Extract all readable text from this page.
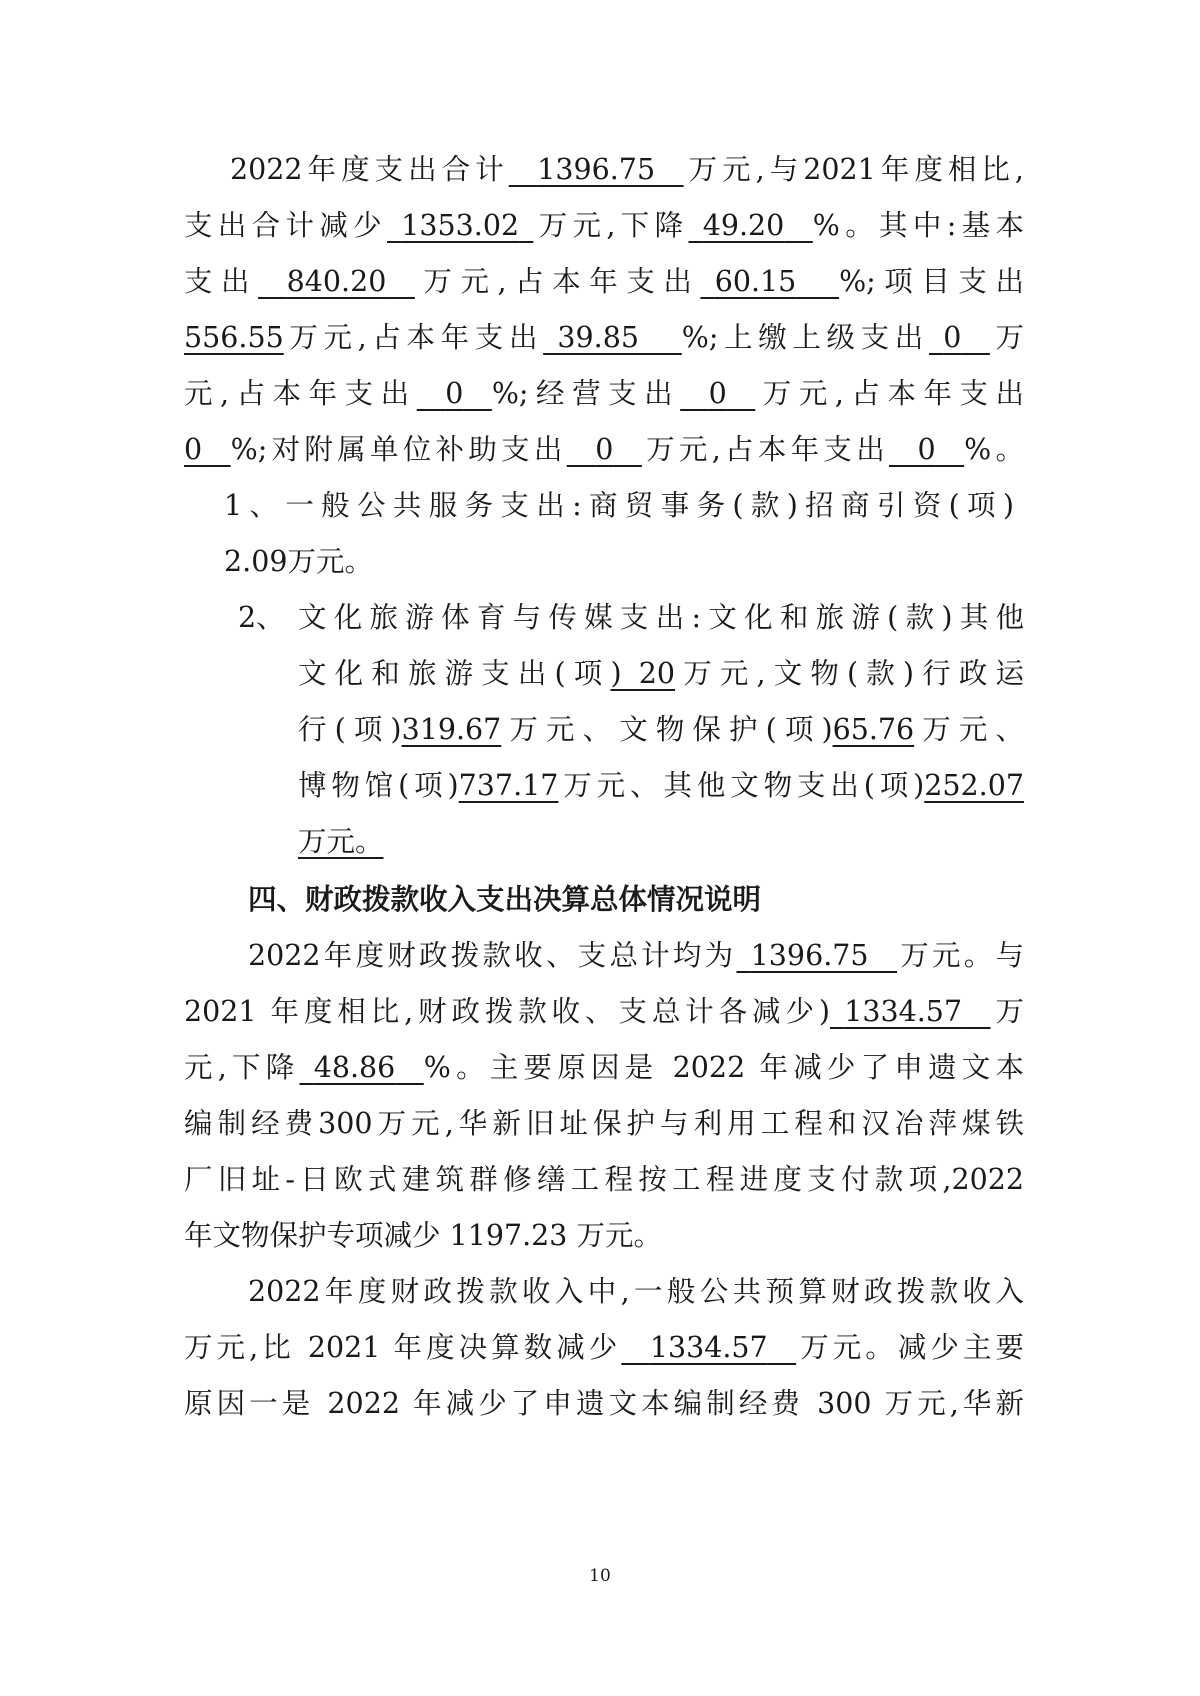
2022年度支出合计   1396.75   万元,与2021年度相比,
支出合计减少  1353.02  万元,下降  49.20   %。其中:基本
支出   840.20   万元,占本年支出  60.15    %;项目支出
556.55万元,占本年支出  39.85    %;上缴上级支出  0   万
元,占本年支出   0   %;经营支出   0   万元,占本年支出
0   %;对附属单位补助支出   0   万元,占本年支出   0   %。
1、一般公共服务支出:商贸事务(款)招商引资(项)
2.09万元。
2、 文化旅游体育与传媒支出:文化和旅游(款)其他
文化和旅游支出(项) 20万元,文物(款)行政运
行(项)319.67万元、文物保护(项)65.76万元、
博物馆(项)737.17万元、其他文物支出(项)252.07
万元。
四、财政拨款收入支出决算总体情况说明
2022年度财政拨款收、支总计均为  1396.75   万元。与
2021 年度相比,财政拨款收、支总计各减少)  1334.57   万
元,下降  48.86   %。主要原因是 2022 年减少了申遗文本
编制经费300万元,华新旧址保护与利用工程和汉冶萍煤铁
厂旧址-日欧式建筑群修缮工程按工程进度支付款项,2022
年文物保护专项减少 1197.23 万元。
2022年度财政拨款收入中,一般公共预算财政拨款收入
万元,比 2021 年度决算数减少   1334.57   万元。减少主要
原因一是 2022 年减少了申遗文本编制经费 300 万元,华新
10
